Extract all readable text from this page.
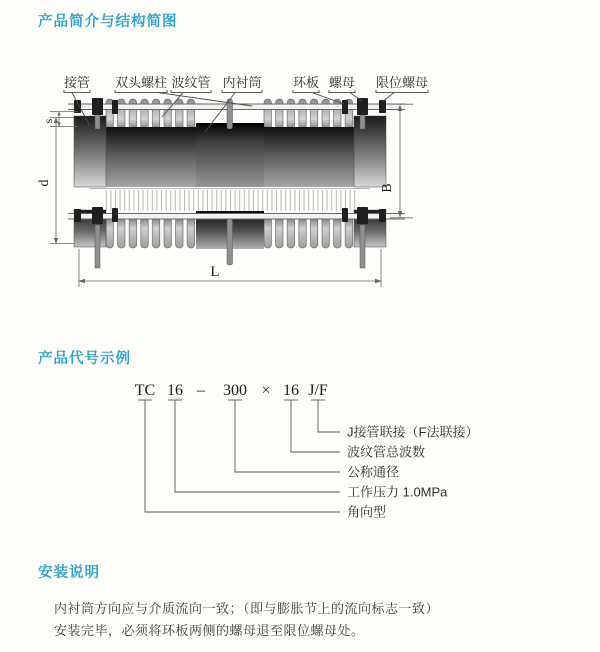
产品简介与结构简图
s
d
B
L
接管 双头螺柱 波纹管 内衬筒 环板 螺母 限位螺母
产品代号示例
TC 16 – 300 × 16 J/F
J接管联接（F法联接）
波纹管总波数
公称通径
工作压力 1.0MPa
角向型
安装说明
内衬筒方向应与介质流向一致；（即与膨胀节上的流向标志一致）
安装完毕，必须将环板两侧的螺母退至限位螺母处。
